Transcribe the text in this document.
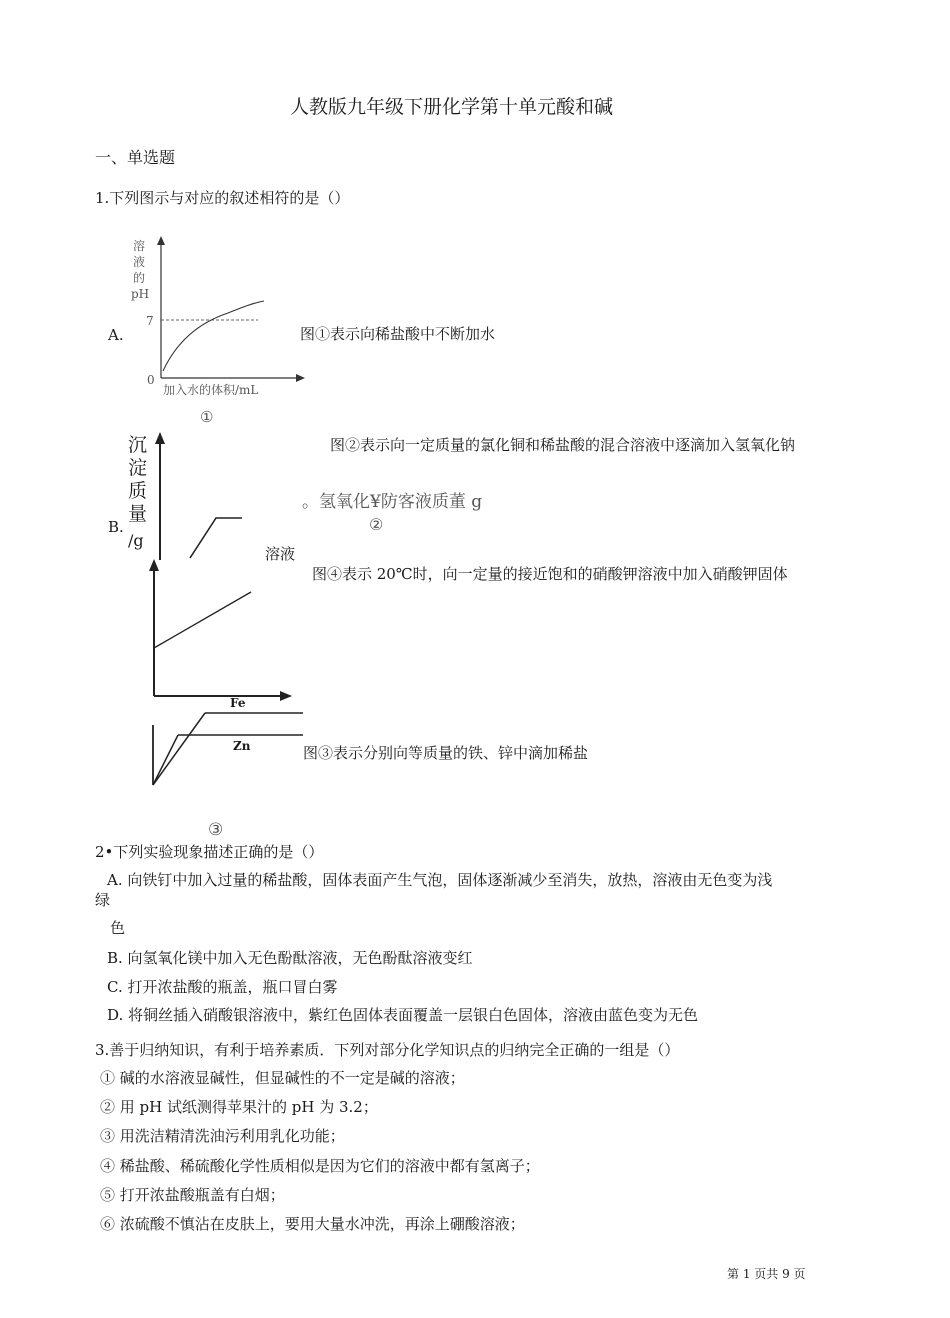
人教版九年级下册化学第十单元酸和碱
一、单选题
1.下列图示与对应的叙述相符的是（）
A.
溶
液
的
pH
7
0
加入水的体积/mL
①
图①表示向稀盐酸中不断加水
B.
沉
淀
质
量
/g
Fe
Zn
③
图②表示向一定质量的氯化铜和稀盐酸的混合溶液中逐滴加入氢氧化钠
。氢氧化¥防客液质董 g
②
溶液
图④表示 20℃时，向一定量的接近饱和的硝酸钾溶液中加入硝酸钾固体
图③表示分别向等质量的铁、锌中滴加稀盐
2•下列实验现象描述正确的是（）
A. 向铁钉中加入过量的稀盐酸，固体表面产生气泡，固体逐渐减少至消失，放热，溶液由无色变为浅
绿
色
B. 向氢氧化镁中加入无色酚酞溶液，无色酚酞溶液变红
C. 打开浓盐酸的瓶盖，瓶口冒白雾
D. 将铜丝插入硝酸银溶液中，紫红色固体表面覆盖一层银白色固体，溶液由蓝色变为无色
3.善于归纳知识，有利于培养素质．下列对部分化学知识点的归纳完全正确的一组是（）
① 碱的水溶液显碱性，但显碱性的不一定是碱的溶液；
② 用 pH 试纸测得苹果汁的 pH 为 3.2；
③ 用洗洁精清洗油污利用乳化功能；
④ 稀盐酸、稀硫酸化学性质相似是因为它们的溶液中都有氢离子；
⑤ 打开浓盐酸瓶盖有白烟；
⑥ 浓硫酸不慎沾在皮肤上，要用大量水冲洗，再涂上硼酸溶液；
第 1 页共 9 页
